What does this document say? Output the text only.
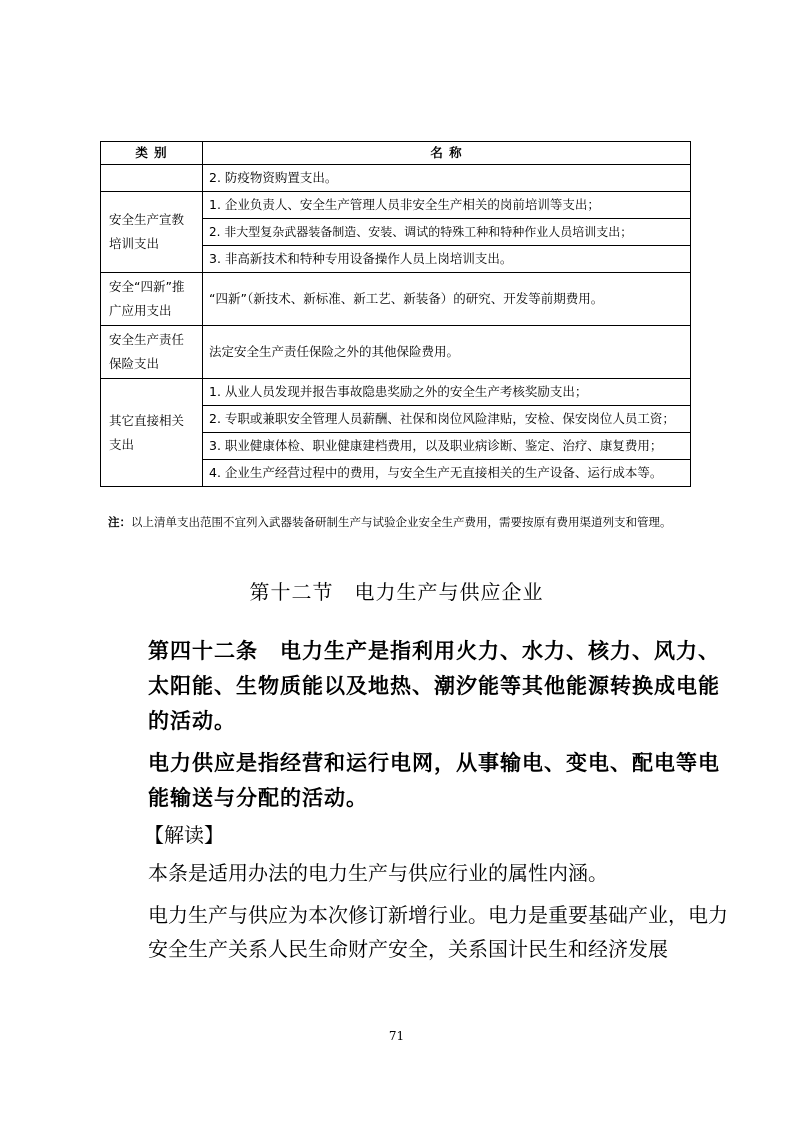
类 别	名 称
	2. 防疫物资购置支出。
安全生产宣教培训支出	1. 企业负责人、安全生产管理人员非安全生产相关的岗前培训等支出；
	2. 非大型复杂武器装备制造、安装、调试的特殊工种和特种作业人员培训支出；
	3. 非高新技术和特种专用设备操作人员上岗培训支出。
安全“四新”推广应用支出	“四新”（新技术、新标准、新工艺、新装备）的研究、开发等前期费用。
安全生产责任保险支出	法定安全生产责任保险之外的其他保险费用。
其它直接相关支出	1. 从业人员发现并报告事故隐患奖励之外的安全生产考核奖励支出；
	2. 专职或兼职安全管理人员薪酬、社保和岗位风险津贴，安检、保安岗位人员工资；
	3. 职业健康体检、职业健康建档费用，以及职业病诊断、鉴定、治疗、康复费用；
	4. 企业生产经营过程中的费用，与安全生产无直接相关的生产设备、运行成本等。
注：以上清单支出范围不宜列入武器装备研制生产与试验企业安全生产费用，需要按原有费用渠道列支和管理。
第十二节　电力生产与供应企业
第四十二条　电力生产是指利用火力、水力、核力、风力、太阳能、生物质能以及地热、潮汐能等其他能源转换成电能的活动。
电力供应是指经营和运行电网，从事输电、变电、配电等电能输送与分配的活动。
【解读】
本条是适用办法的电力生产与供应行业的属性内涵。
电力生产与供应为本次修订新增行业。电力是重要基础产业，电力安全生产关系人民生命财产安全，关系国计民生和经济发展
71
